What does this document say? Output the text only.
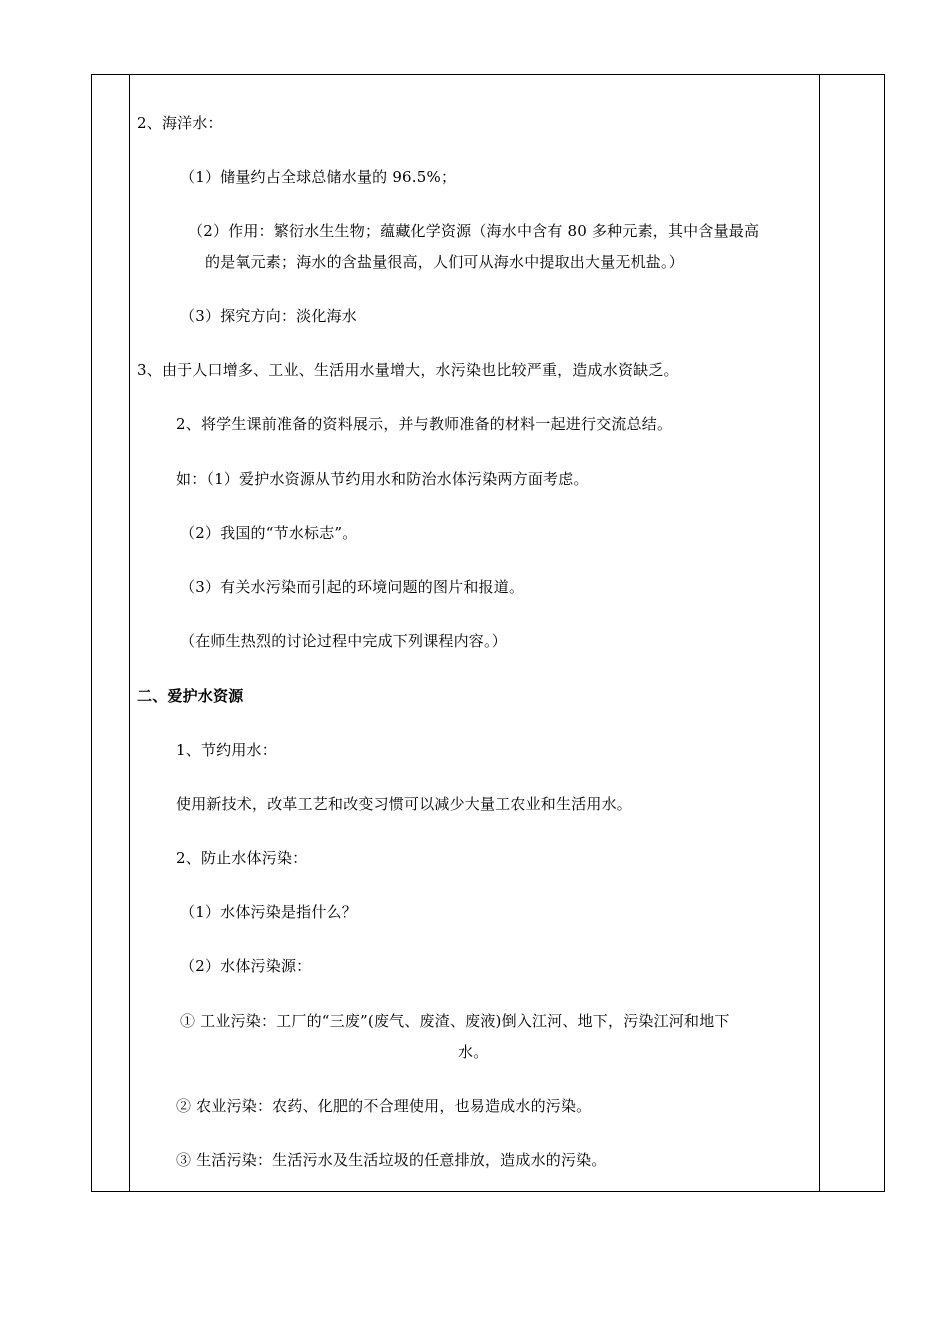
2、海洋水：
（1）储量约占全球总储水量的 96.5%；
（2）作用：繁衍水生生物；蕴藏化学资源（海水中含有 80 多种元素，其中含量最高
的是氧元素；海水的含盐量很高，人们可从海水中提取出大量无机盐。）
（3）探究方向：淡化海水
3、由于人口增多、工业、生活用水量增大，水污染也比较严重，造成水资缺乏。
2、将学生课前准备的资料展示，并与教师准备的材料一起进行交流总结。
如：（1）爱护水资源从节约用水和防治水体污染两方面考虑。
（2）我国的“节水标志”。
（3）有关水污染而引起的环境问题的图片和报道。
（在师生热烈的讨论过程中完成下列课程内容。）
二、爱护水资源
1、节约用水：
使用新技术，改革工艺和改变习惯可以减少大量工农业和生活用水。
2、防止水体污染：
（1）水体污染是指什么？
（2）水体污染源：
① 工业污染：工厂的“三废”(废气、废渣、废液)倒入江河、地下，污染江河和地下
水。
② 农业污染：农药、化肥的不合理使用，也易造成水的污染。
③ 生活污染：生活污水及生活垃圾的任意排放，造成水的污染。
